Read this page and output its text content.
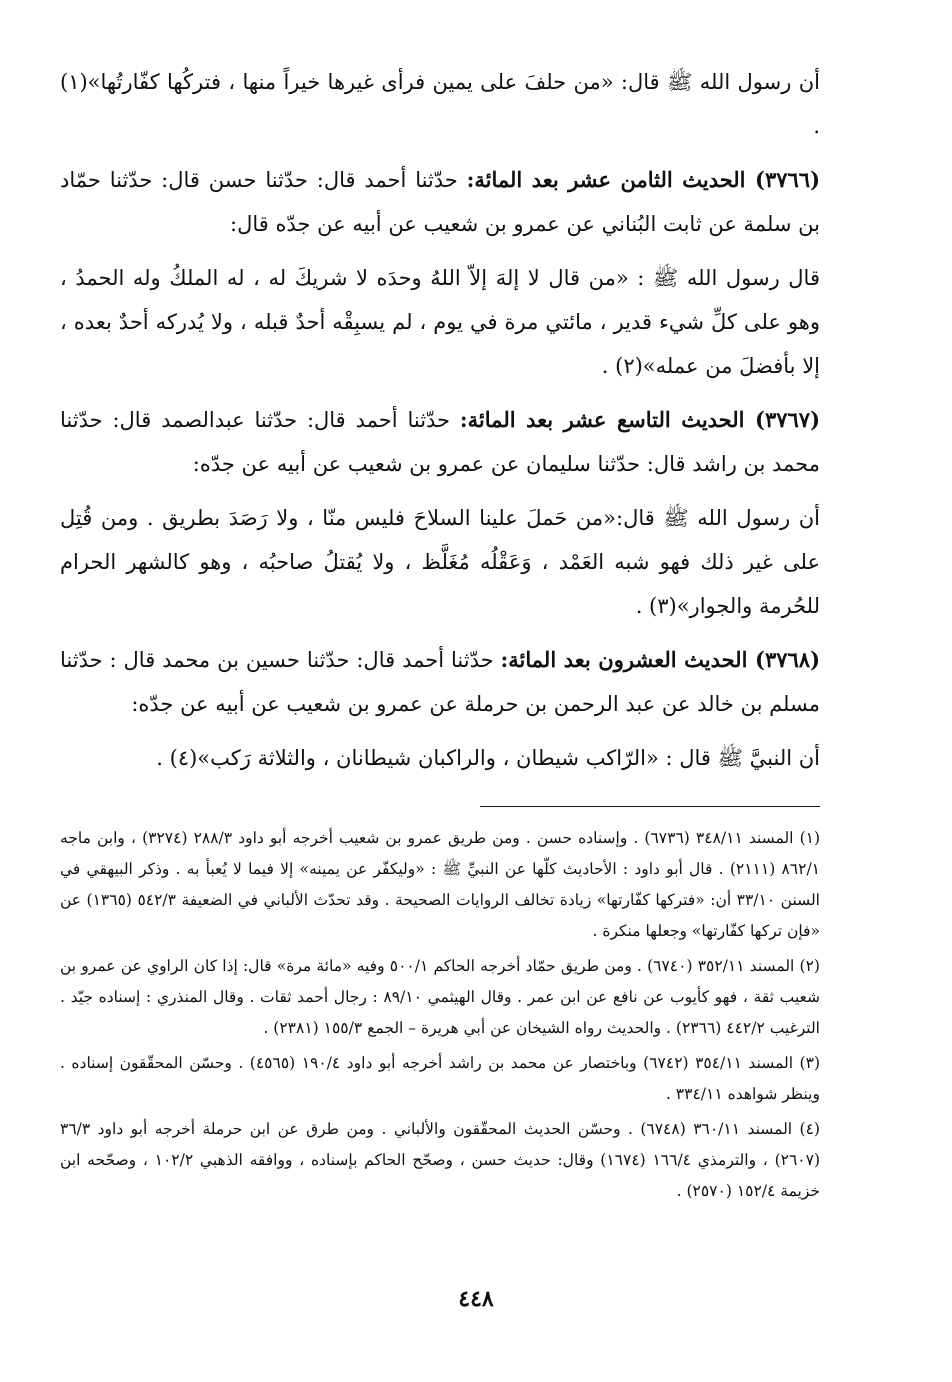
أن رسول الله ﷺ قال: «من حلفَ على يمين فرأى غيرها خيراً منها ، فتركُها كفّارتُها»(١) .

(٣٧٦٦) الحديث الثامن عشر بعد المائة: حدّثنا أحمد قال: حدّثنا حسن قال: حدّثنا حمّاد بن سلمة عن ثابت البُناني عن عمرو بن شعيب عن أبيه عن جدّه قال:

قال رسول الله ﷺ : «من قال لا إلهَ إلاّ اللهُ وحدَه لا شريكَ له ، له الملكُ وله الحمدُ ، وهو على كلِّ شيء قدير ، مائتي مرة في يوم ، لم يسبِقْه أحدٌ قبله ، ولا يُدركه أحدٌ بعده ، إلا بأفضلَ من عمله»(٢) .

(٣٧٦٧) الحديث التاسع عشر بعد المائة: حدّثنا أحمد قال: حدّثنا عبدالصمد قال: حدّثنا محمد بن راشد قال: حدّثنا سليمان عن عمرو بن شعيب عن أبيه عن جدّه:

أن رسول الله ﷺ قال:«من حَملَ علينا السلاحَ فليس منّا ، ولا رَصَدَ بطريق . ومن قُتِل على غير ذلك فهو شبه العَمْد ، وَعَقْلُه مُغَلَّظ ، ولا يُقتلُ صاحبُه ، وهو كالشهر الحرام للحُرمة والجوار»(٣) .

(٣٧٦٨) الحديث العشرون بعد المائة: حدّثنا أحمد قال: حدّثنا حسين بن محمد قال : حدّثنا مسلم بن خالد عن عبد الرحمن بن حرملة عن عمرو بن شعيب عن أبيه عن جدّه:

أن النبيَّ ﷺ قال : «الرّاكب شيطان ، والراكبان شيطانان ، والثلاثة رَكب»(٤) .

(١) المسند ٣٤٨/١١ (٦٧٣٦) . وإسناده حسن . ومن طريق عمرو بن شعيب أخرجه أبو داود ٢٨٨/٣ (٣٢٧٤) ، وابن ماجه ٨٦٢/١ (٢١١١) . قال أبو داود : الأحاديث كلّها عن النبيِّ ﷺ : «وليكفّر عن يمينه» إلا فيما لا يُعبأ به . وذكر البيهقي في السنن ٣٣/١٠ أن: «فتركها كفّارتها» زيادة تخالف الروايات الصحيحة . وقد تحدّث الألباني في الضعيفة ٥٤٢/٣ (١٣٦٥) عن «فإن تركها كفّارتها» وجعلها منكرة .

(٢) المسند ٣٥٢/١١ (٦٧٤٠) . ومن طريق حمّاد أخرجه الحاكم ٥٠٠/١ وفيه «مائة مرة» قال: إذا كان الراوي عن عمرو بن شعيب ثقة ، فهو كأيوب عن نافع عن ابن عمر . وقال الهيثمي ٨٩/١٠ : رجال أحمد ثقات . وقال المنذري : إسناده جيّد . الترغيب ٤٤٢/٢ (٢٣٦٦) . والحديث رواه الشيخان عن أبي هريرة – الجمع ١٥٥/٣ (٢٣٨١) .

(٣) المسند ٣٥٤/١١ (٦٧٤٢) وباختصار عن محمد بن راشد أخرجه أبو داود ١٩٠/٤ (٤٥٦٥) . وحسّن المحقّقون إسناده . وينظر شواهده ٣٣٤/١١ .

(٤) المسند ٣٦٠/١١ (٦٧٤٨) . وحسّن الحديث المحقّقون والألباني . ومن طرق عن ابن حرملة أخرجه أبو داود ٣٦/٣ (٢٦٠٧) ، والترمذي ١٦٦/٤ (١٦٧٤) وقال: حديث حسن ، وصحّح الحاكم بإسناده ، ووافقه الذهبي ١٠٢/٢ ، وصحّحه ابن خزيمة ١٥٢/٤ (٢٥٧٠) .

٤٤٨
